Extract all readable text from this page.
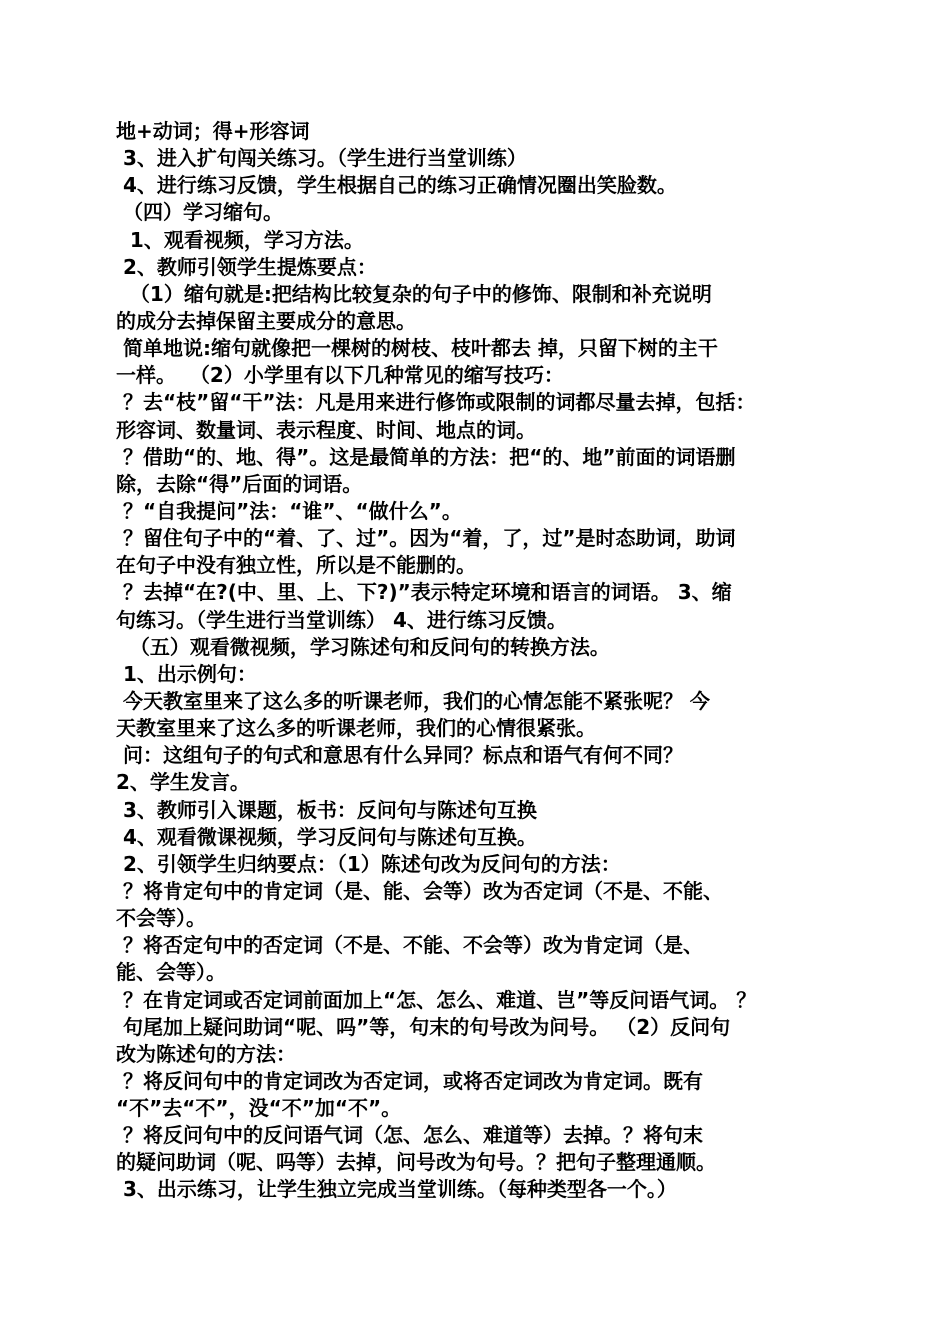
地+动词；得+形容词
3、进入扩句闯关练习。（学生进行当堂训练）
4、进行练习反馈，学生根据自己的练习正确情况圈出笑脸数。
（四）学习缩句。
1、观看视频，学习方法。
2、教师引领学生提炼要点：
（1）缩句就是:把结构比较复杂的句子中的修饰、限制和补充说明
的成分去掉保留主要成分的意思。
简单地说:缩句就像把一棵树的树枝、枝叶都去 掉，只留下树的主干
一样。  （2）小学里有以下几种常见的缩写技巧：
？去“枝”留“干”法：凡是用来进行修饰或限制的词都尽量去掉，包括：
形容词、数量词、表示程度、时间、地点的词。
？借助“的、地、得”。这是最简单的方法：把“的、地”前面的词语删
除，去除“得”后面的词语。
？“自我提问”法：“谁”、“做什么”。
？留住句子中的“着、了、过”。因为“着，了，过”是时态助词，助词
在句子中没有独立性，所以是不能删的。
？去掉“在?(中、里、上、下?)”表示特定环境和语言的词语。 3、缩
句练习。（学生进行当堂训练） 4、进行练习反馈。
（五）观看微视频，学习陈述句和反问句的转换方法。
1、出示例句：
今天教室里来了这么多的听课老师，我们的心情怎能不紧张呢？ 今
天教室里来了这么多的听课老师，我们的心情很紧张。
问：这组句子的句式和意思有什么异同？标点和语气有何不同？
2、学生发言。
3、教师引入课题，板书：反问句与陈述句互换
4、观看微课视频，学习反问句与陈述句互换。
2、引领学生归纳要点：（1）陈述句改为反问句的方法：
？将肯定句中的肯定词（是、能、会等）改为否定词（不是、不能、
不会等）。
？将否定句中的否定词（不是、不能、不会等）改为肯定词（是、
能、会等）。
？在肯定词或否定词前面加上“怎、怎么、难道、岂”等反问语气词。 ？
句尾加上疑问助词“呢、吗”等，句末的句号改为问号。 （2）反问句
改为陈述句的方法：
？将反问句中的肯定词改为否定词，或将否定词改为肯定词。既有
“不”去“不”，没“不”加“不”。
？将反问句中的反问语气词（怎、怎么、难道等）去掉。？将句末
的疑问助词（呢、吗等）去掉，问号改为句号。？把句子整理通顺。
3、出示练习，让学生独立完成当堂训练。（每种类型各一个。）
